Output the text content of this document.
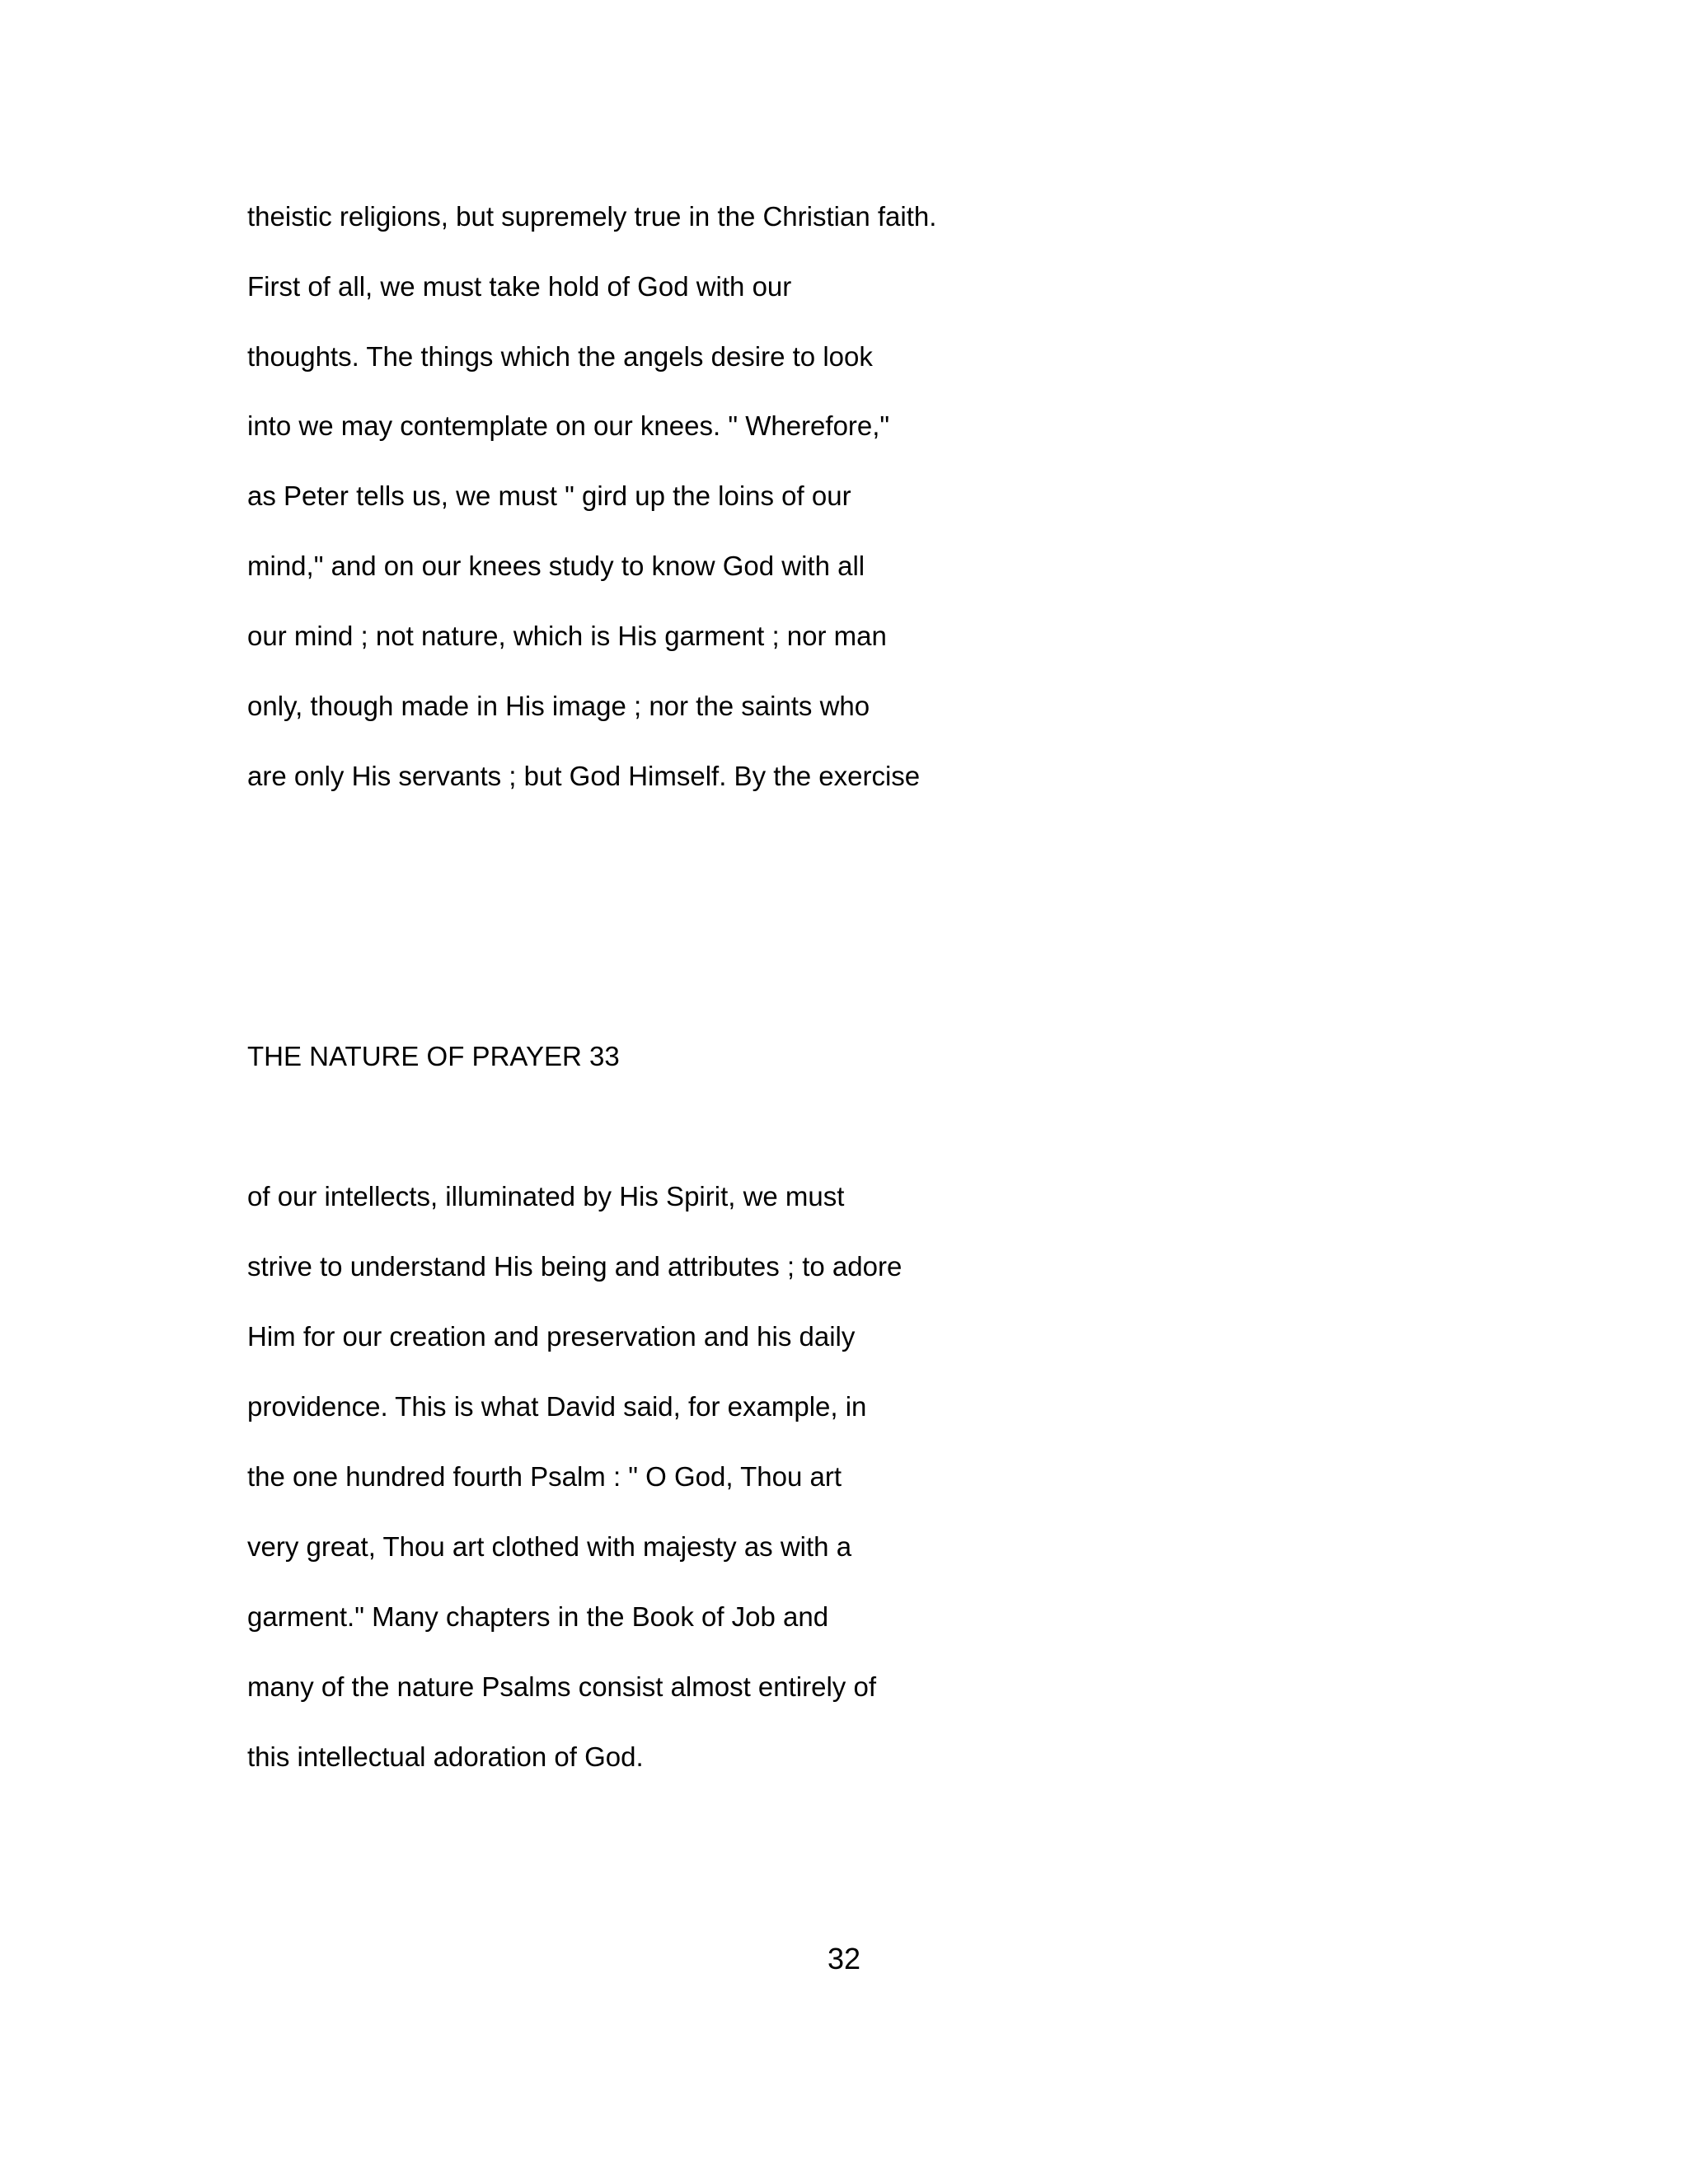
theistic religions, but supremely true in the Christian faith.
First of all, we must take hold of God with our
thoughts. The things which the angels desire to look
into we may contemplate on our knees. " Wherefore,"
as Peter tells us, we must " gird up the loins of our
mind," and on our knees study to know God with all
our mind ; not nature, which is His garment ; nor man
only, though made in His image ; nor the saints who
are only His servants ; but God Himself. By the exercise
THE NATURE OF PRAYER 33
of our intellects, illuminated by His Spirit, we must
strive to understand His being and attributes ; to adore
Him for our creation and preservation and his daily
providence. This is what David said, for example, in
the one hundred fourth Psalm : " O God, Thou art
very great, Thou art clothed with majesty as with a
garment." Many chapters in the Book of Job and
many of the nature Psalms consist almost entirely of
this intellectual adoration of God.
32
